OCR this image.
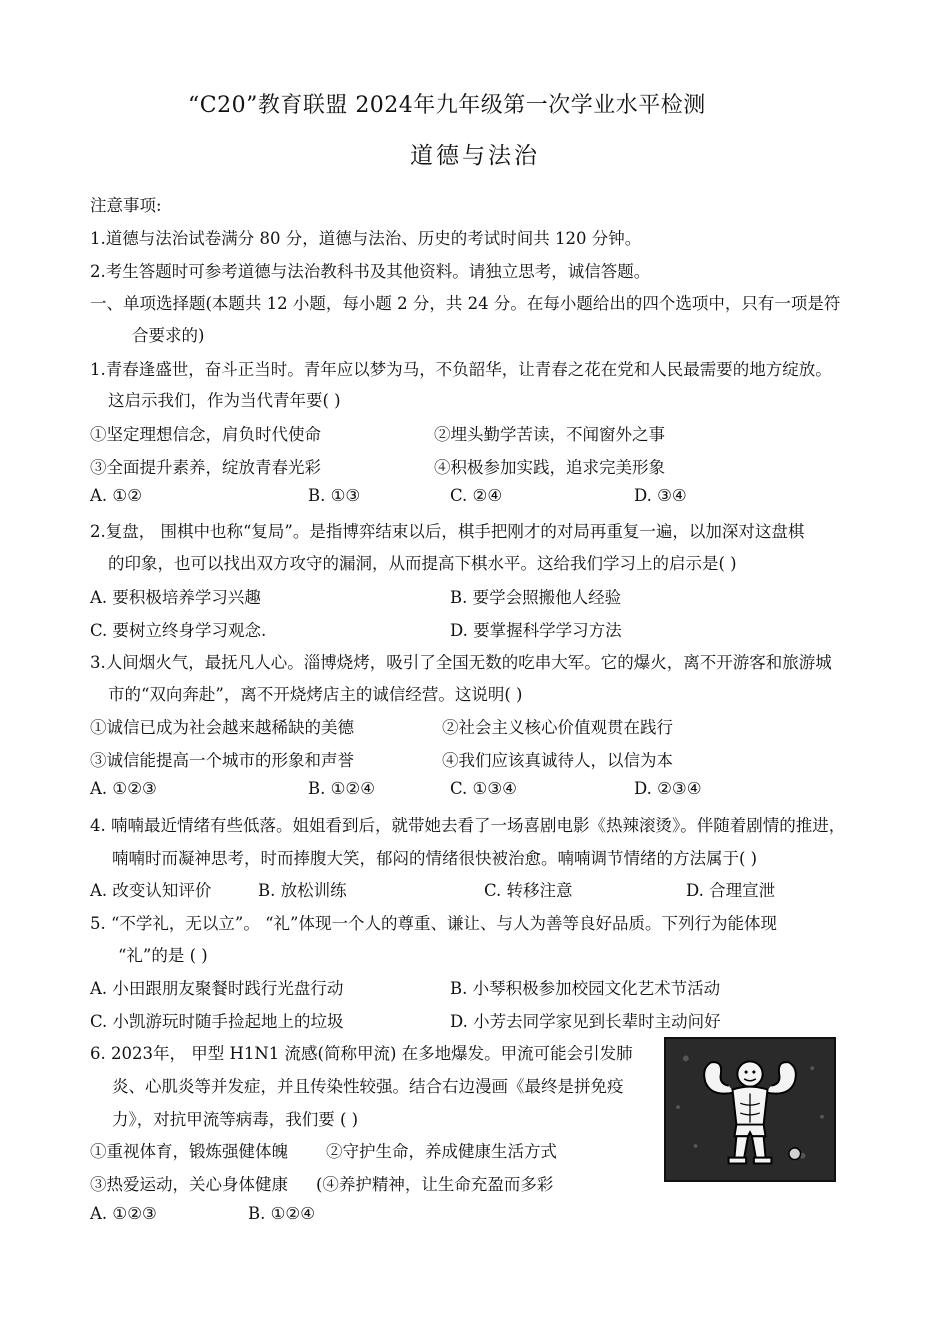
“C20”教育联盟 2024年九年级第一次学业水平检测
道德与法治
注意事项:
1.道德与法治试卷满分 80 分，道德与法治、历史的考试时间共 120 分钟。
2.考生答题时可参考道德与法治教科书及其他资料。请独立思考，诚信答题。
一、单项选择题(本题共 12 小题，每小题 2 分，共 24 分。在每小题给出的四个选项中，只有一项是符
合要求的)
1.青春逢盛世，奋斗正当时。青年应以梦为马，不负韶华，让青春之花在党和人民最需要的地方绽放。
这启示我们，作为当代青年要( )
①坚定理想信念，肩负时代使命	②埋头勤学苦读，不闻窗外之事
③全面提升素养，绽放青春光彩	④积极参加实践，追求完美形象
A. ①②	B. ①③	C. ②④	D. ③④
2.复盘， 围棋中也称“复局”。是指博弈结束以后，棋手把刚才的对局再重复一遍，以加深对这盘棋
的印象，也可以找出双方攻守的漏洞，从而提高下棋水平。这给我们学习上的启示是( )
A. 要积极培养学习兴趣	B. 要学会照搬他人经验
C. 要树立终身学习观念.	D. 要掌握科学学习方法
3.人间烟火气，最抚凡人心。淄博烧烤，吸引了全国无数的吃串大军。它的爆火，离不开游客和旅游城
市的“双向奔赴”，离不开烧烤店主的诚信经营。这说明( )
①诚信已成为社会越来越稀缺的美德	②社会主义核心价值观贯在践行
③诚信能提高一个城市的形象和声誉	④我们应该真诚待人，以信为本
A. ①②③	B. ①②④	C. ①③④	D. ②③④
4. 喃喃最近情绪有些低落。姐姐看到后，就带她去看了一场喜剧电影《热辣滚烫》。伴随着剧情的推进，
喃喃时而凝神思考，时而捧腹大笑，郁闷的情绪很快被治愈。喃喃调节情绪的方法属于( )
A. 改变认知评价	B. 放松训练	C. 转移注意	D. 合理宣泄
5. “不学礼，无以立”。 “礼”体现一个人的尊重、谦让、与人为善等良好品质。下列行为能体现
“礼”的是 ( )
A. 小田跟朋友聚餐时践行光盘行动	B. 小琴积极参加校园文化艺术节活动
C. 小凯游玩时随手捡起地上的垃圾	D. 小芳去同学家见到长辈时主动问好
6. 2023年， 甲型 H1N1 流感(简称甲流) 在多地爆发。甲流可能会引发肺
炎、心肌炎等并发症，并且传染性较强。结合右边漫画《最终是拼免疫
力》，对抗甲流等病毒，我们要 ( )
①重视体育，锻炼强健体魄 ②守护生命，养成健康生活方式
③热爱运动，关心身体健康 (④养护精神，让生命充盈而多彩
A. ①②③	B. ①②④
